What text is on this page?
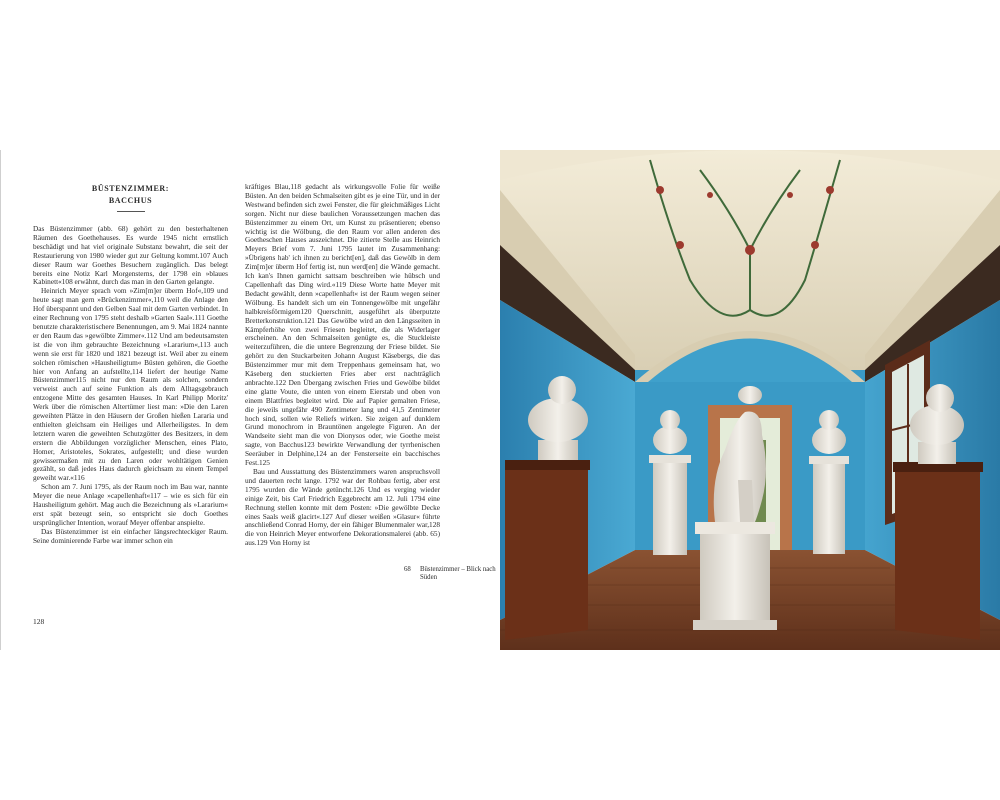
BÜSTENZIMMER:
BACCHUS

Das Büstenzimmer (abb. 68) gehört zu den besterhaltenen Räumen des Goethehauses. Es wurde 1945 nicht ernstlich beschädigt und hat viel originale Substanz bewahrt, die seit der Restaurierung von 1980 wieder gut zur Geltung kommt.107 Auch dieser Raum war Goethes Besuchern zugänglich. Das belegt bereits eine Notiz Karl Morgensterns, der 1798 ein »blaues Kabinett«108 erwähnt, durch das man in den Garten gelangte.

Heinrich Meyer sprach vom »Zim[m]er überm Hof«,109 und heute sagt man gern »Brückenzimmer«,110 weil die Anlage den Hof überspannt und den Gelben Saal mit dem Garten verbindet. In einer Rechnung von 1795 steht deshalb »Garten Saal«.111 Goethe benutzte charakteristischere Benennungen, am 9. Mai 1824 nannte er den Raum das »gewölbte Zimmer«.112 Und am bedeutsamsten ist die von ihm gebrauchte Bezeichnung »Lararium«,113 auch wenn sie erst für 1820 und 1821 bezeugt ist. Weil aber zu einem solchen römischen »Hausheiligtum« Büsten gehören, die Goethe hier von Anfang an aufstellte,114 liefert der heutige Name Büstenzimmer115 nicht nur den Raum als solchen, sondern verweist auch auf seine Funktion als dem Alltagsgebrauch entzogene Mitte des gesamten Hauses. In Karl Philipp Moritz' Werk über die römischen Altertümer liest man: »Die den Laren geweihten Plätze in den Häusern der Großen hießen Lararia und enthielten gleichsam ein Heiliges und Allerheiligstes. In dem letztern waren die geweihten Schutzgötter des Besitzers, in dem erstern die Abbildungen vorzüglicher Menschen, eines Plato, Homer, Aristoteles, Sokrates, aufgestellt; und diese wurden gewissermaßen mit zu den Laren oder wohltätigen Genien gezählt, so daß jedes Haus dadurch gleichsam zu einem Tempel geweiht war.«116

Schon am 7. Juni 1795, als der Raum noch im Bau war, nannte Meyer die neue Anlage »capellenhaft«117 – wie es sich für ein Hausheiligtum gehört. Mag auch die Bezeichnung als »Lararium« erst spät bezeugt sein, so entspricht sie doch Goethes ursprünglicher Intention, worauf Meyer offenbar anspielte.

Das Büstenzimmer ist ein einfacher längsrechteckiger Raum. Seine dominierende Farbe war immer schon ein

kräftiges Blau,118 gedacht als wirkungsvolle Folie für weiße Büsten. An den beiden Schmalseiten gibt es je eine Tür, und in der Westwand befinden sich zwei Fenster, die für gleichmäßiges Licht sorgen. Nicht nur diese baulichen Voraussetzungen machen das Büstenzimmer zu einem Ort, um Kunst zu präsentieren; ebenso wichtig ist die Wölbung, die den Raum vor allen anderen des Goetheschen Hauses auszeichnet. Die zitierte Stelle aus Heinrich Meyers Brief vom 7. Juni 1795 lautet im Zusammenhang: »Übrigens hab' ich ihnen zu bericht[en], daß das Gewölb in dem Zim[m]er überm Hof fertig ist, nun werd[en] die Wände gemacht. Ich kan's Ihnen garnicht sattsam beschreiben wie hübsch und Capellenhaft das Ding wird.«119 Diese Worte hatte Meyer mit Bedacht gewählt, denn »capellenhaft« ist der Raum wegen seiner Wölbung. Es handelt sich um ein Tonnengewölbe mit ungefähr halbkreisförmigem120 Querschnitt, ausgeführt als überputzte Bretterkonstruktion.121 Das Gewölbe wird an den Längsseiten in Kämpferhöhe von zwei Friesen begleitet, die als Widerlager erscheinen. An den Schmalseiten genügte es, die Stuckleiste weiterzuführen, die die untere Begrenzung der Friese bildet. Sie gehört zu den Stuckarbeiten Johann August Käsebergs, die das Büstenzimmer mur mit dem Treppenhaus gemeinsam hat, wo Käseberg den stuckierten Fries aber erst nachträglich anbrachte.122 Den Übergang zwischen Fries und Gewölbe bildet eine glatte Voute, die unten von einem Eierstab und oben von einem Blattfries begleitet wird. Die auf Papier gemalten Friese, die jeweils ungefähr 490 Zentimeter lang und 41,5 Zentimeter hoch sind, sollen wie Reliefs wirken. Sie zeigen auf dunklem Grund monochrom in Brauntönen angelegte Figuren. An der Wandseite sieht man die von Dionysos oder, wie Goethe meist sagte, von Bacchus123 bewirkte Verwandlung der tyrrhenischen Seeräuber in Delphine,124 an der Fensterseite ein bacchisches Fest.125

Bau und Ausstattung des Büstenzimmers waren anspruchsvoll und dauerten recht lange. 1792 war der Rohbau fertig, aber erst 1795 wurden die Wände getüncht.126 Und es verging wieder einige Zeit, bis Carl Friedrich Eggebrecht am 12. Juli 1794 eine Rechnung stellen konnte mit dem Posten: »Die gewölbte Decke eines Saals weiß glacirt«.127 Auf dieser weißen »Glasur« führte anschließend Conrad Horny, der ein fähiger Blumenmaler war,128 die von Heinrich Meyer entworfene Dekorationsmalerei (abb. 65) aus.129 Von Horny ist

128
68	Büstenzimmer – Blick nach Süden
